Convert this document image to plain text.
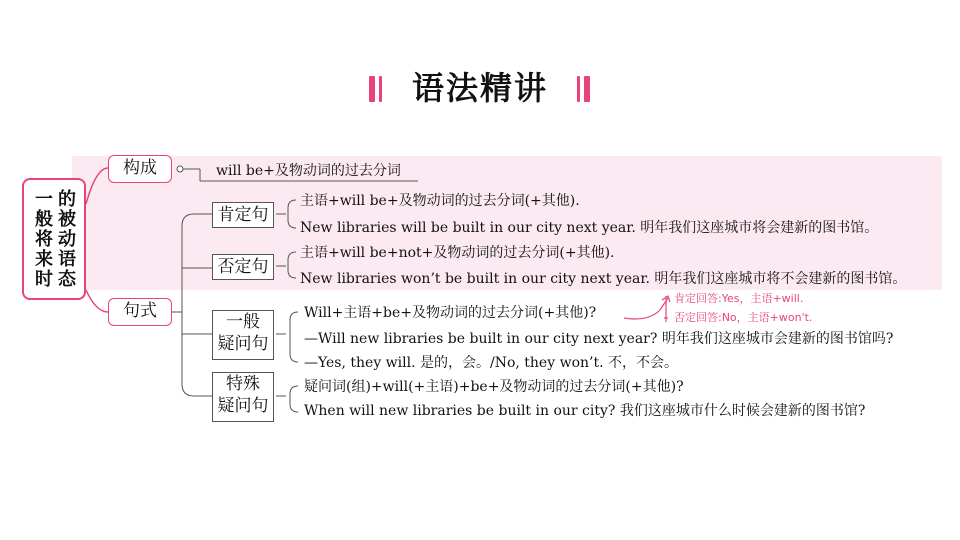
语法精讲
一般将来时
的被动语态
构成	will be+及物动词的过去分词
句式
肯定句
主语+will be+及物动词的过去分词(+其他).
New libraries will be built in our city next year. 明年我们这座城市将会建新的图书馆。
否定句
主语+will be+not+及物动词的过去分词(+其他).
New libraries won’t be built in our city next year. 明年我们这座城市将不会建新的图书馆。
一般
疑问句
Will+主语+be+及物动词的过去分词(+其他)?
—Will new libraries be built in our city next year? 明年我们这座城市会建新的图书馆吗?
—Yes, they will. 是的，会。/No, they won’t. 不，不会。
肯定回答:Yes，主语+will.
否定回答:No，主语+won't.
特殊
疑问句
疑问词(组)+will(+主语)+be+及物动词的过去分词(+其他)?
When will new libraries be built in our city? 我们这座城市什么时候会建新的图书馆?
